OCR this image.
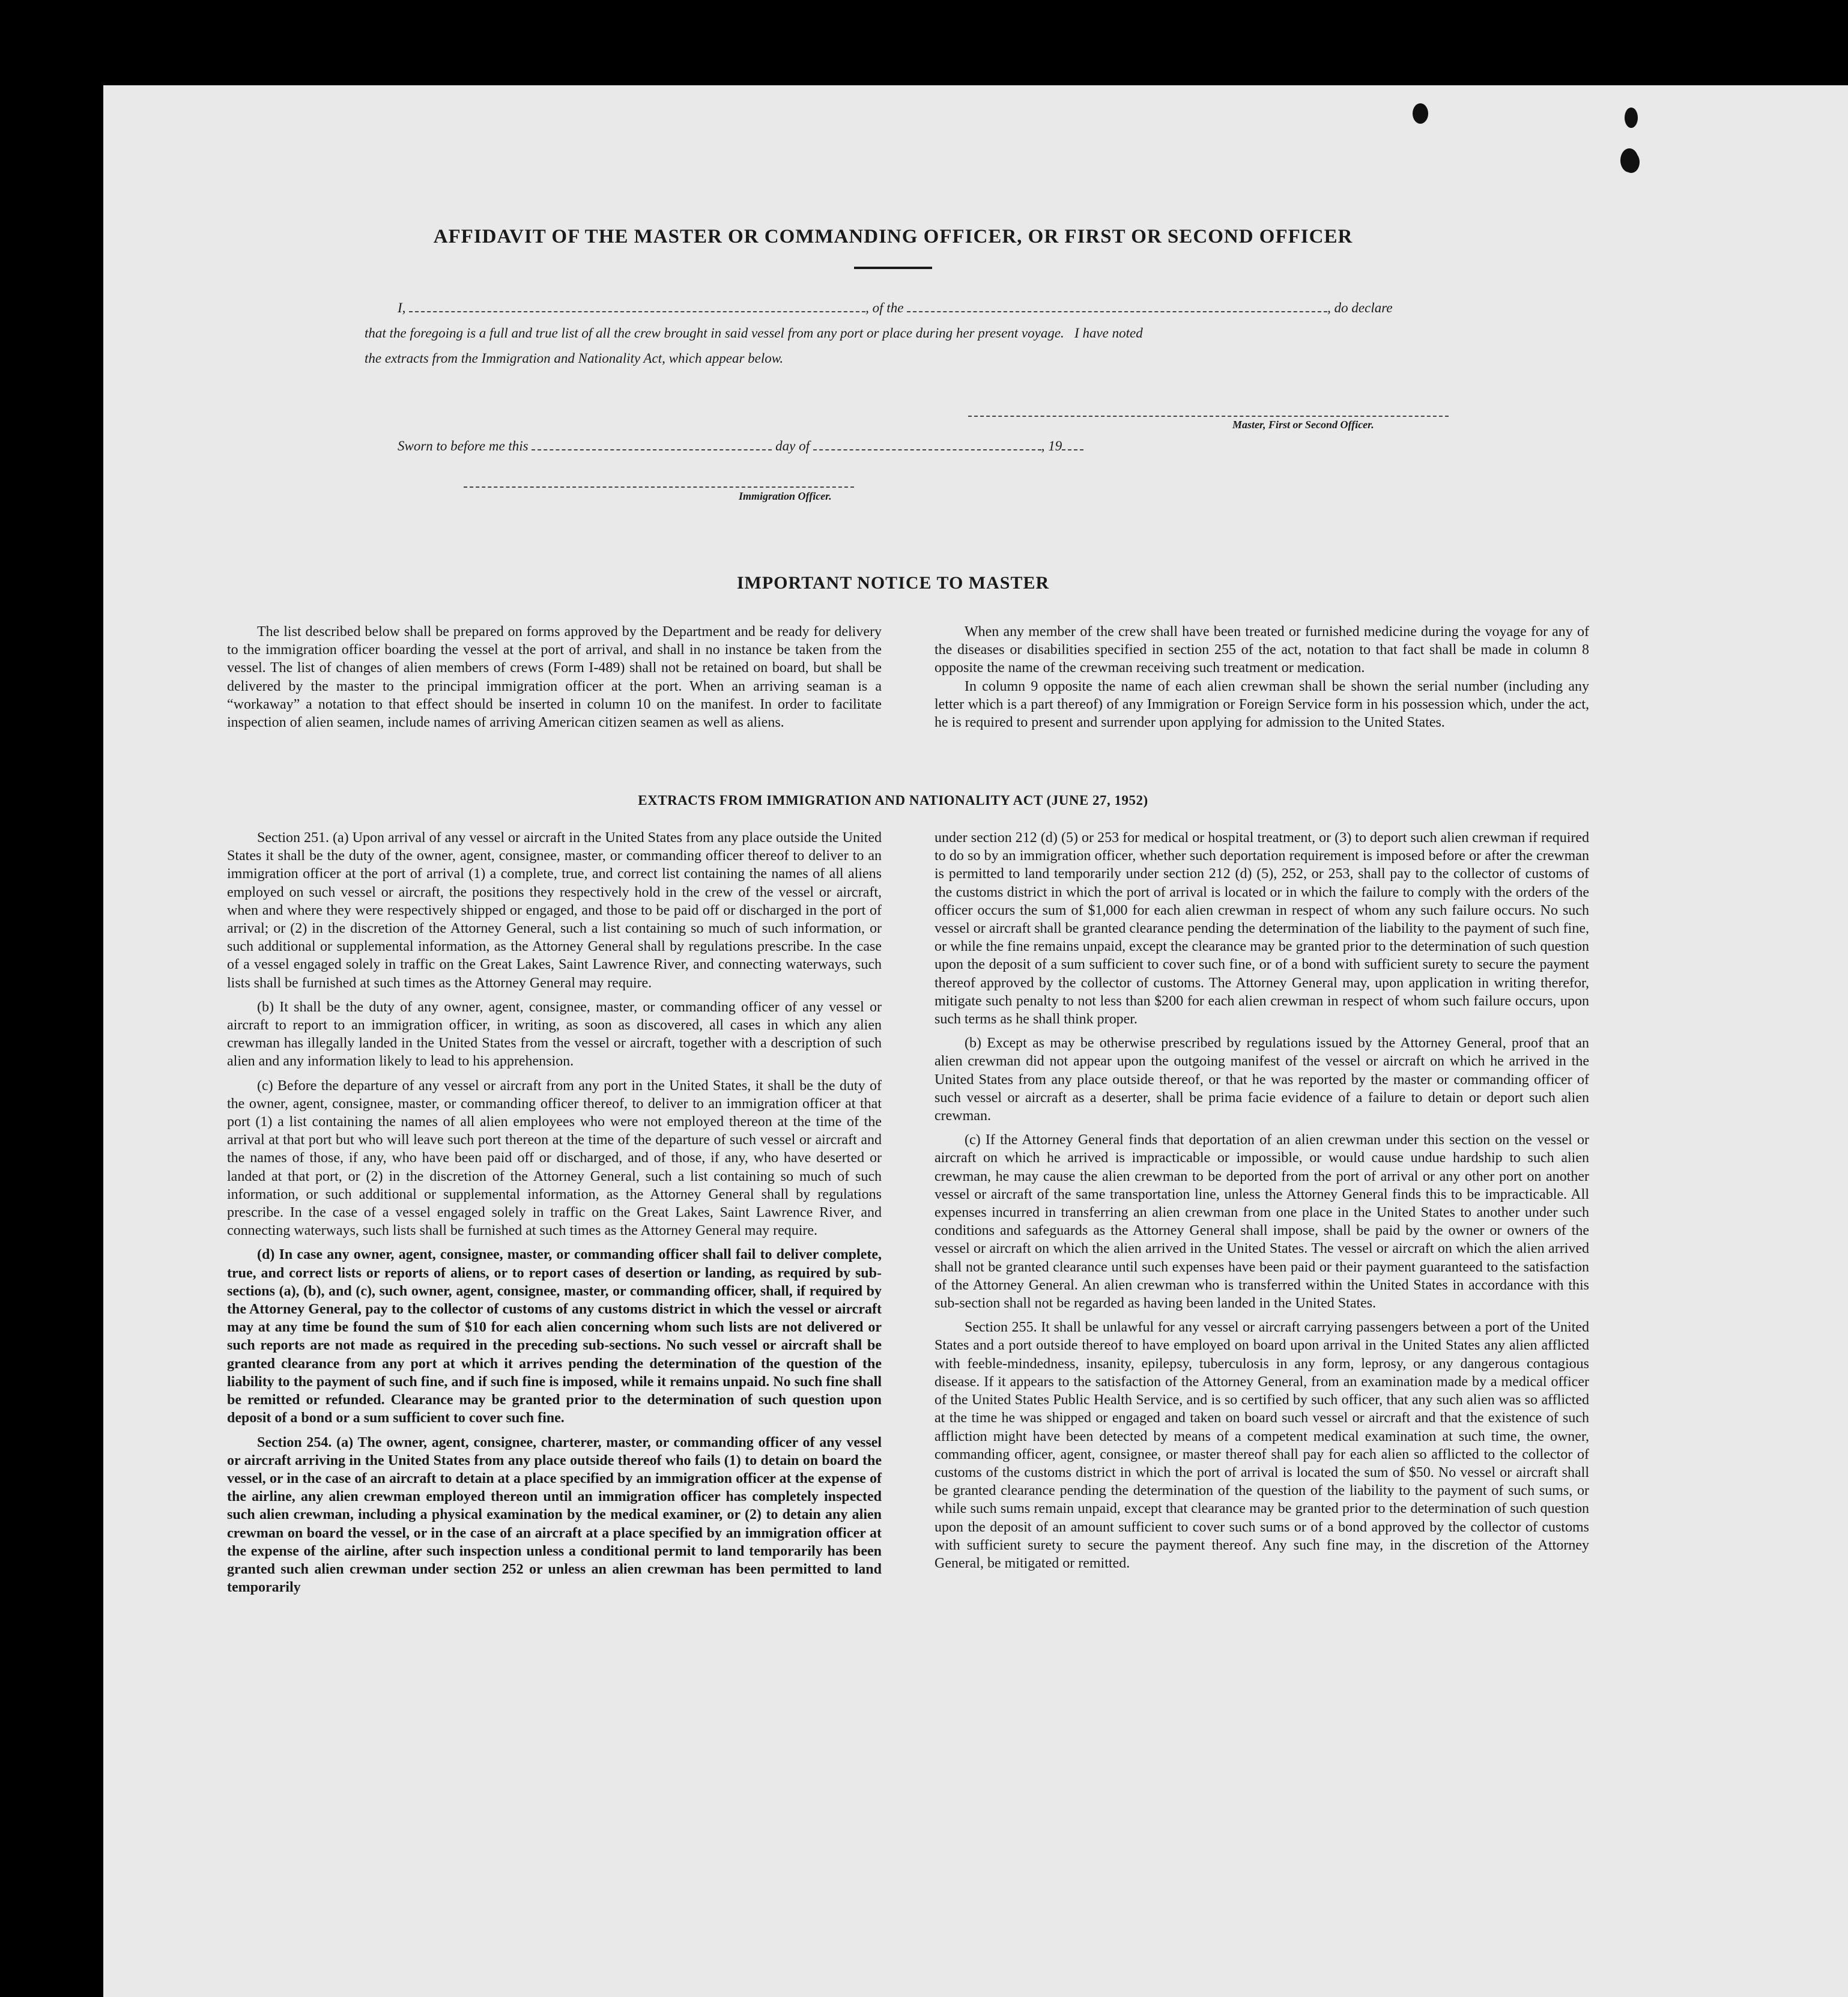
AFFIDAVIT OF THE MASTER OR COMMANDING OFFICER, OR FIRST OR SECOND OFFICER
I,	, of the	, do declare
that the foregoing is a full and true list of all the crew brought in said vessel from any port or place during her present voyage.   I have noted
the extracts from the Immigration and Nationality Act, which appear below.
Master, First or Second Officer.
Sworn to before me this	day of	, 19
Immigration Officer.
IMPORTANT NOTICE TO MASTER

The list described below shall be prepared on forms approved by the Department and be ready for delivery to the immigration officer boarding the vessel at the port of arrival, and shall in no instance be taken from the vessel. The list of changes of alien members of crews (Form I-489) shall not be retained on board, but shall be delivered by the master to the principal immigration officer at the port. When an arriving seaman is a “workaway” a notation to that effect should be inserted in column 10 on the manifest. In order to facilitate inspection of alien seamen, include names of arriving American citizen seamen as well as aliens.

When any member of the crew shall have been treated or furnished medicine during the voyage for any of the diseases or disabilities specified in section 255 of the act, notation to that fact shall be made in column 8 opposite the name of the crewman receiving such treatment or medication.

In column 9 opposite the name of each alien crewman shall be shown the serial number (including any letter which is a part thereof) of any Immigration or Foreign Service form in his possession which, under the act, he is required to present and surrender upon applying for admission to the United States.

EXTRACTS FROM IMMIGRATION AND NATIONALITY ACT (JUNE 27, 1952)

Section 251. (a) Upon arrival of any vessel or aircraft in the United States from any place outside the United States it shall be the duty of the owner, agent, consignee, master, or commanding officer thereof to deliver to an immigration officer at the port of arrival (1) a complete, true, and correct list containing the names of all aliens employed on such vessel or aircraft, the positions they respectively hold in the crew of the vessel or aircraft, when and where they were respectively shipped or engaged, and those to be paid off or discharged in the port of arrival; or (2) in the discretion of the Attorney General, such a list containing so much of such information, or such additional or supplemental information, as the Attorney General shall by regulations prescribe. In the case of a vessel engaged solely in traffic on the Great Lakes, Saint Lawrence River, and connecting waterways, such lists shall be furnished at such times as the Attorney General may require.

(b) It shall be the duty of any owner, agent, consignee, master, or commanding officer of any vessel or aircraft to report to an immigration officer, in writing, as soon as discovered, all cases in which any alien crewman has illegally landed in the United States from the vessel or aircraft, together with a description of such alien and any information likely to lead to his apprehension.

(c) Before the departure of any vessel or aircraft from any port in the United States, it shall be the duty of the owner, agent, consignee, master, or commanding officer thereof, to deliver to an immigration officer at that port (1) a list containing the names of all alien employees who were not employed thereon at the time of the arrival at that port but who will leave such port thereon at the time of the departure of such vessel or aircraft and the names of those, if any, who have been paid off or discharged, and of those, if any, who have deserted or landed at that port, or (2) in the discretion of the Attorney General, such a list containing so much of such information, or such additional or supplemental information, as the Attorney General shall by regulations prescribe. In the case of a vessel engaged solely in traffic on the Great Lakes, Saint Lawrence River, and connecting waterways, such lists shall be furnished at such times as the Attorney General may require.

(d) In case any owner, agent, consignee, master, or commanding officer shall fail to deliver complete, true, and correct lists or reports of aliens, or to report cases of desertion or landing, as required by sub-sections (a), (b), and (c), such owner, agent, consignee, master, or commanding officer, shall, if required by the Attorney General, pay to the collector of customs of any customs district in which the vessel or aircraft may at any time be found the sum of $10 for each alien concerning whom such lists are not delivered or such reports are not made as required in the preceding sub-sections. No such vessel or aircraft shall be granted clearance from any port at which it arrives pending the determination of the question of the liability to the payment of such fine, and if such fine is imposed, while it remains unpaid. No such fine shall be remitted or refunded. Clearance may be granted prior to the determination of such question upon deposit of a bond or a sum sufficient to cover such fine.

Section 254. (a) The owner, agent, consignee, charterer, master, or commanding officer of any vessel or aircraft arriving in the United States from any place outside thereof who fails (1) to detain on board the vessel, or in the case of an aircraft to detain at a place specified by an immigration officer at the expense of the airline, any alien crewman employed thereon until an immigration officer has completely inspected such alien crewman, including a physical examination by the medical examiner, or (2) to detain any alien crewman on board the vessel, or in the case of an aircraft at a place specified by an immigration officer at the expense of the airline, after such inspection unless a conditional permit to land temporarily has been granted such alien crewman under section 252 or unless an alien crewman has been permitted to land temporarily

under section 212 (d) (5) or 253 for medical or hospital treatment, or (3) to deport such alien crewman if required to do so by an immigration officer, whether such deportation requirement is imposed before or after the crewman is permitted to land temporarily under section 212 (d) (5), 252, or 253, shall pay to the collector of customs of the customs district in which the port of arrival is located or in which the failure to comply with the orders of the officer occurs the sum of $1,000 for each alien crewman in respect of whom any such failure occurs. No such vessel or aircraft shall be granted clearance pending the determination of the liability to the payment of such fine, or while the fine remains unpaid, except the clearance may be granted prior to the determination of such question upon the deposit of a sum sufficient to cover such fine, or of a bond with sufficient surety to secure the payment thereof approved by the collector of customs. The Attorney General may, upon application in writing therefor, mitigate such penalty to not less than $200 for each alien crewman in respect of whom such failure occurs, upon such terms as he shall think proper.

(b) Except as may be otherwise prescribed by regulations issued by the Attorney General, proof that an alien crewman did not appear upon the outgoing manifest of the vessel or aircraft on which he arrived in the United States from any place outside thereof, or that he was reported by the master or commanding officer of such vessel or aircraft as a deserter, shall be prima facie evidence of a failure to detain or deport such alien crewman.

(c) If the Attorney General finds that deportation of an alien crewman under this section on the vessel or aircraft on which he arrived is impracticable or impossible, or would cause undue hardship to such alien crewman, he may cause the alien crewman to be deported from the port of arrival or any other port on another vessel or aircraft of the same transportation line, unless the Attorney General finds this to be impracticable. All expenses incurred in transferring an alien crewman from one place in the United States to another under such conditions and safeguards as the Attorney General shall impose, shall be paid by the owner or owners of the vessel or aircraft on which the alien arrived in the United States. The vessel or aircraft on which the alien arrived shall not be granted clearance until such expenses have been paid or their payment guaranteed to the satisfaction of the Attorney General. An alien crewman who is transferred within the United States in accordance with this sub-section shall not be regarded as having been landed in the United States.

Section 255. It shall be unlawful for any vessel or aircraft carrying passengers between a port of the United States and a port outside thereof to have employed on board upon arrival in the United States any alien afflicted with feeble-mindedness, insanity, epilepsy, tuberculosis in any form, leprosy, or any dangerous contagious disease. If it appears to the satisfaction of the Attorney General, from an examination made by a medical officer of the United States Public Health Service, and is so certified by such officer, that any such alien was so afflicted at the time he was shipped or engaged and taken on board such vessel or aircraft and that the existence of such affliction might have been detected by means of a competent medical examination at such time, the owner, commanding officer, agent, consignee, or master thereof shall pay for each alien so afflicted to the collector of customs of the customs district in which the port of arrival is located the sum of $50. No vessel or aircraft shall be granted clearance pending the determination of the question of the liability to the payment of such sums, or while such sums remain unpaid, except that clearance may be granted prior to the determination of such question upon the deposit of an amount sufficient to cover such sums or of a bond approved by the collector of customs with sufficient surety to secure the payment thereof. Any such fine may, in the discretion of the Attorney General, be mitigated or remitted.
